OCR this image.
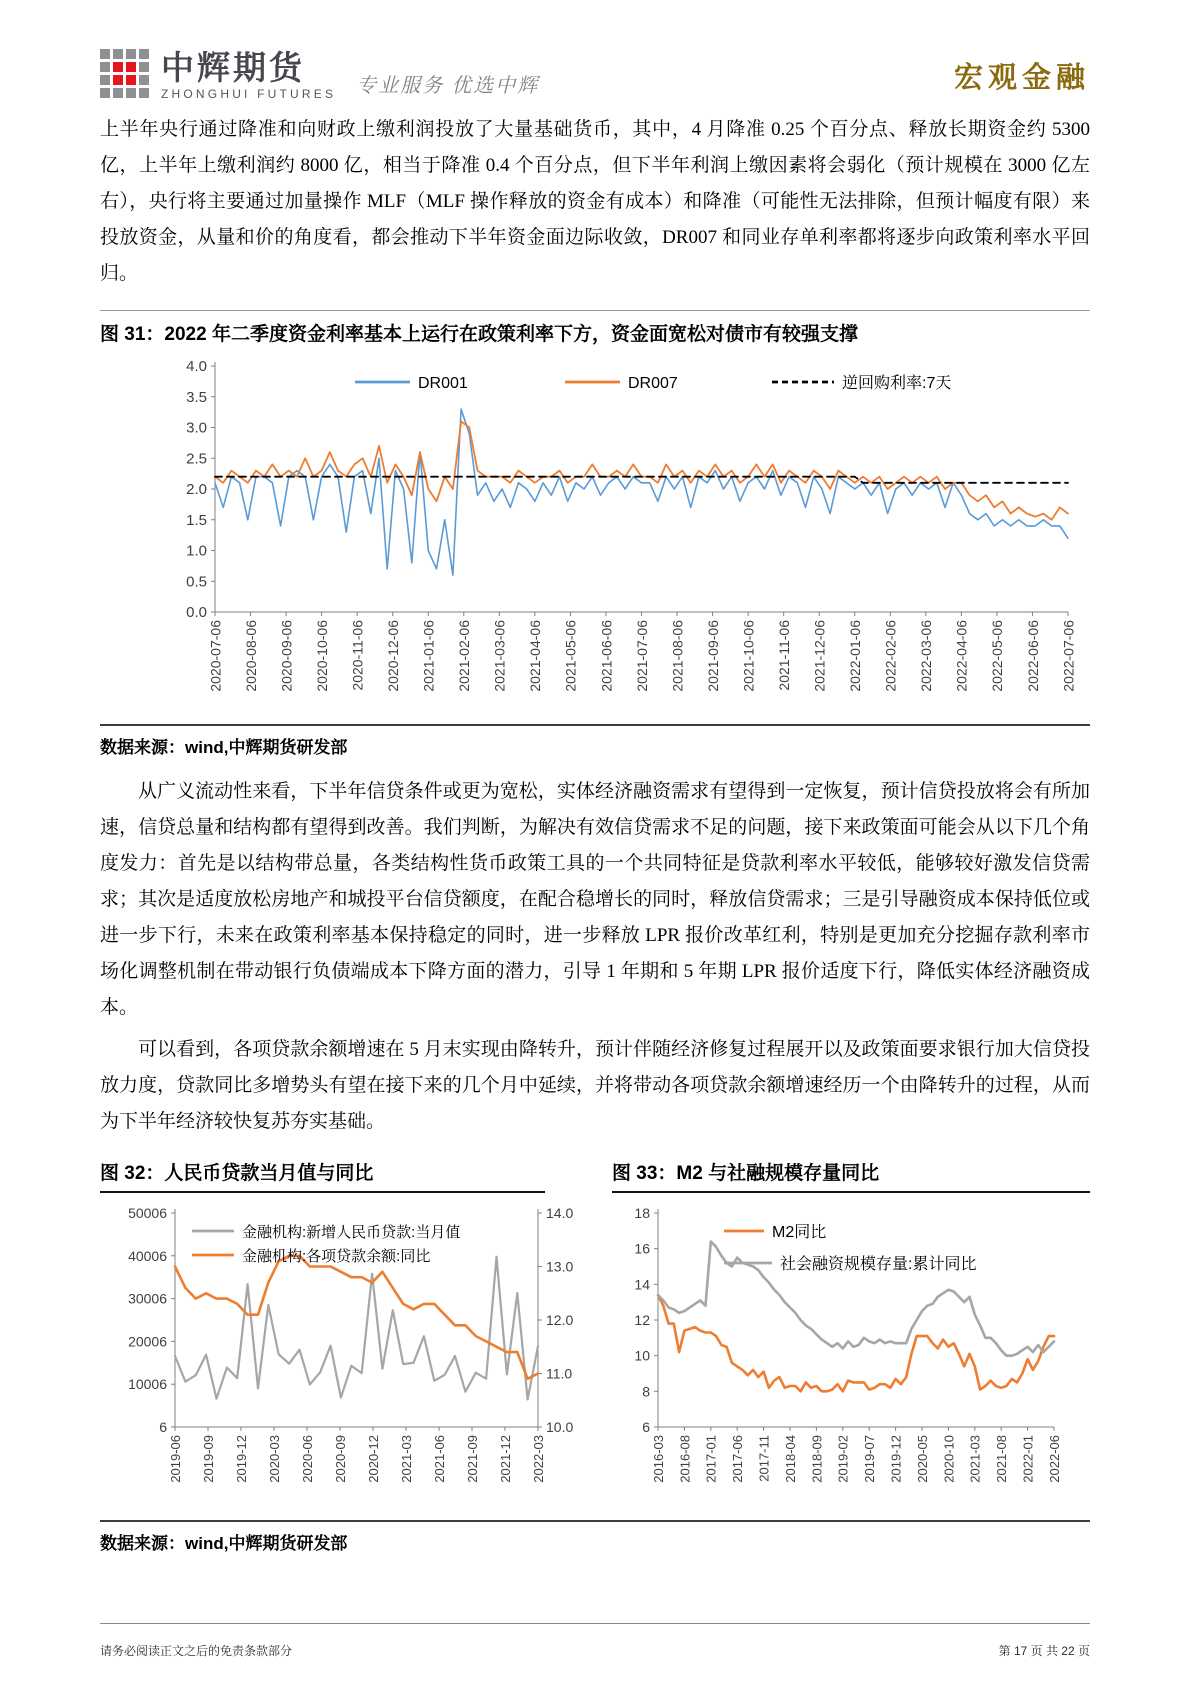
中辉期货
ZHONGHUI FUTURES 专业服务 优选中辉	宏观金融

上半年央行通过降准和向财政上缴利润投放了大量基础货币，其中，4 月降准 0.25 个百分点、释放长期资金约 5300 亿，上半年上缴利润约 8000 亿，相当于降准 0.4 个百分点，但下半年利润上缴因素将会弱化（预计规模在 3000 亿左右），央行将主要通过加量操作 MLF（MLF 操作释放的资金有成本）和降准（可能性无法排除，但预计幅度有限）来投放资金，从量和价的角度看，都会推动下半年资金面边际收敛，DR007 和同业存单利率都将逐步向政策利率水平回归。

图 31：2022 年二季度资金利率基本上运行在政策利率下方，资金面宽松对债市有较强支撑
4.0
3.5
3.0
2.5
2.0
1.5
1.0
0.5
0.0
2020-07-06 2020-08-06 2020-09-06 2020-10-06 2020-11-06 2020-12-06 2021-01-06 2021-02-06 2021-03-06 2021-04-06 2021-05-06 2021-06-06 2021-07-06 2021-08-06 2021-09-06 2021-10-06 2021-11-06 2021-12-06 2022-01-06 2022-02-06 2022-03-06 2022-04-06 2022-05-06 2022-06-06 2022-07-06
DR001	DR007	逆回购利率:7天
数据来源：wind,中辉期货研发部

从广义流动性来看，下半年信贷条件或更为宽松，实体经济融资需求有望得到一定恢复，预计信贷投放将会有所加速，信贷总量和结构都有望得到改善。我们判断，为解决有效信贷需求不足的问题，接下来政策面可能会从以下几个角度发力：首先是以结构带总量，各类结构性货币政策工具的一个共同特征是贷款利率水平较低，能够较好激发信贷需求；其次是适度放松房地产和城投平台信贷额度，在配合稳增长的同时，释放信贷需求；三是引导融资成本保持低位或进一步下行，未来在政策利率基本保持稳定的同时，进一步释放 LPR 报价改革红利，特别是更加充分挖掘存款利率市场化调整机制在带动银行负债端成本下降方面的潜力，引导 1 年期和 5 年期 LPR 报价适度下行，降低实体经济融资成本。

可以看到，各项贷款余额增速在 5 月末实现由降转升，预计伴随经济修复过程展开以及政策面要求银行加大信贷投放力度，贷款同比多增势头有望在接下来的几个月中延续，并将带动各项贷款余额增速经历一个由降转升的过程，从而为下半年经济较快复苏夯实基础。

图 32：人民币贷款当月值与同比
50006
40006
30006
20006
10006
6
14.0
13.0
12.0
11.0
10.0
2019-06 2019-09 2019-12 2020-03 2020-06 2020-09 2020-12 2021-03 2021-06 2021-09 2021-12 2022-03
金融机构:新增人民币贷款:当月值
金融机构:各项贷款余额:同比
图 33：M2 与社融规模存量同比
18
16
14
12
10
8
6
2016-03 2016-08 2017-01 2017-06 2017-11 2018-04 2018-09 2019-02 2019-07 2019-12 2020-05 2020-10 2021-03 2021-08 2022-01 2022-06
M2同比
社会融资规模存量:累计同比
数据来源：wind,中辉期货研发部
请务必阅读正文之后的免责条款部分	第 17 页 共 22 页
